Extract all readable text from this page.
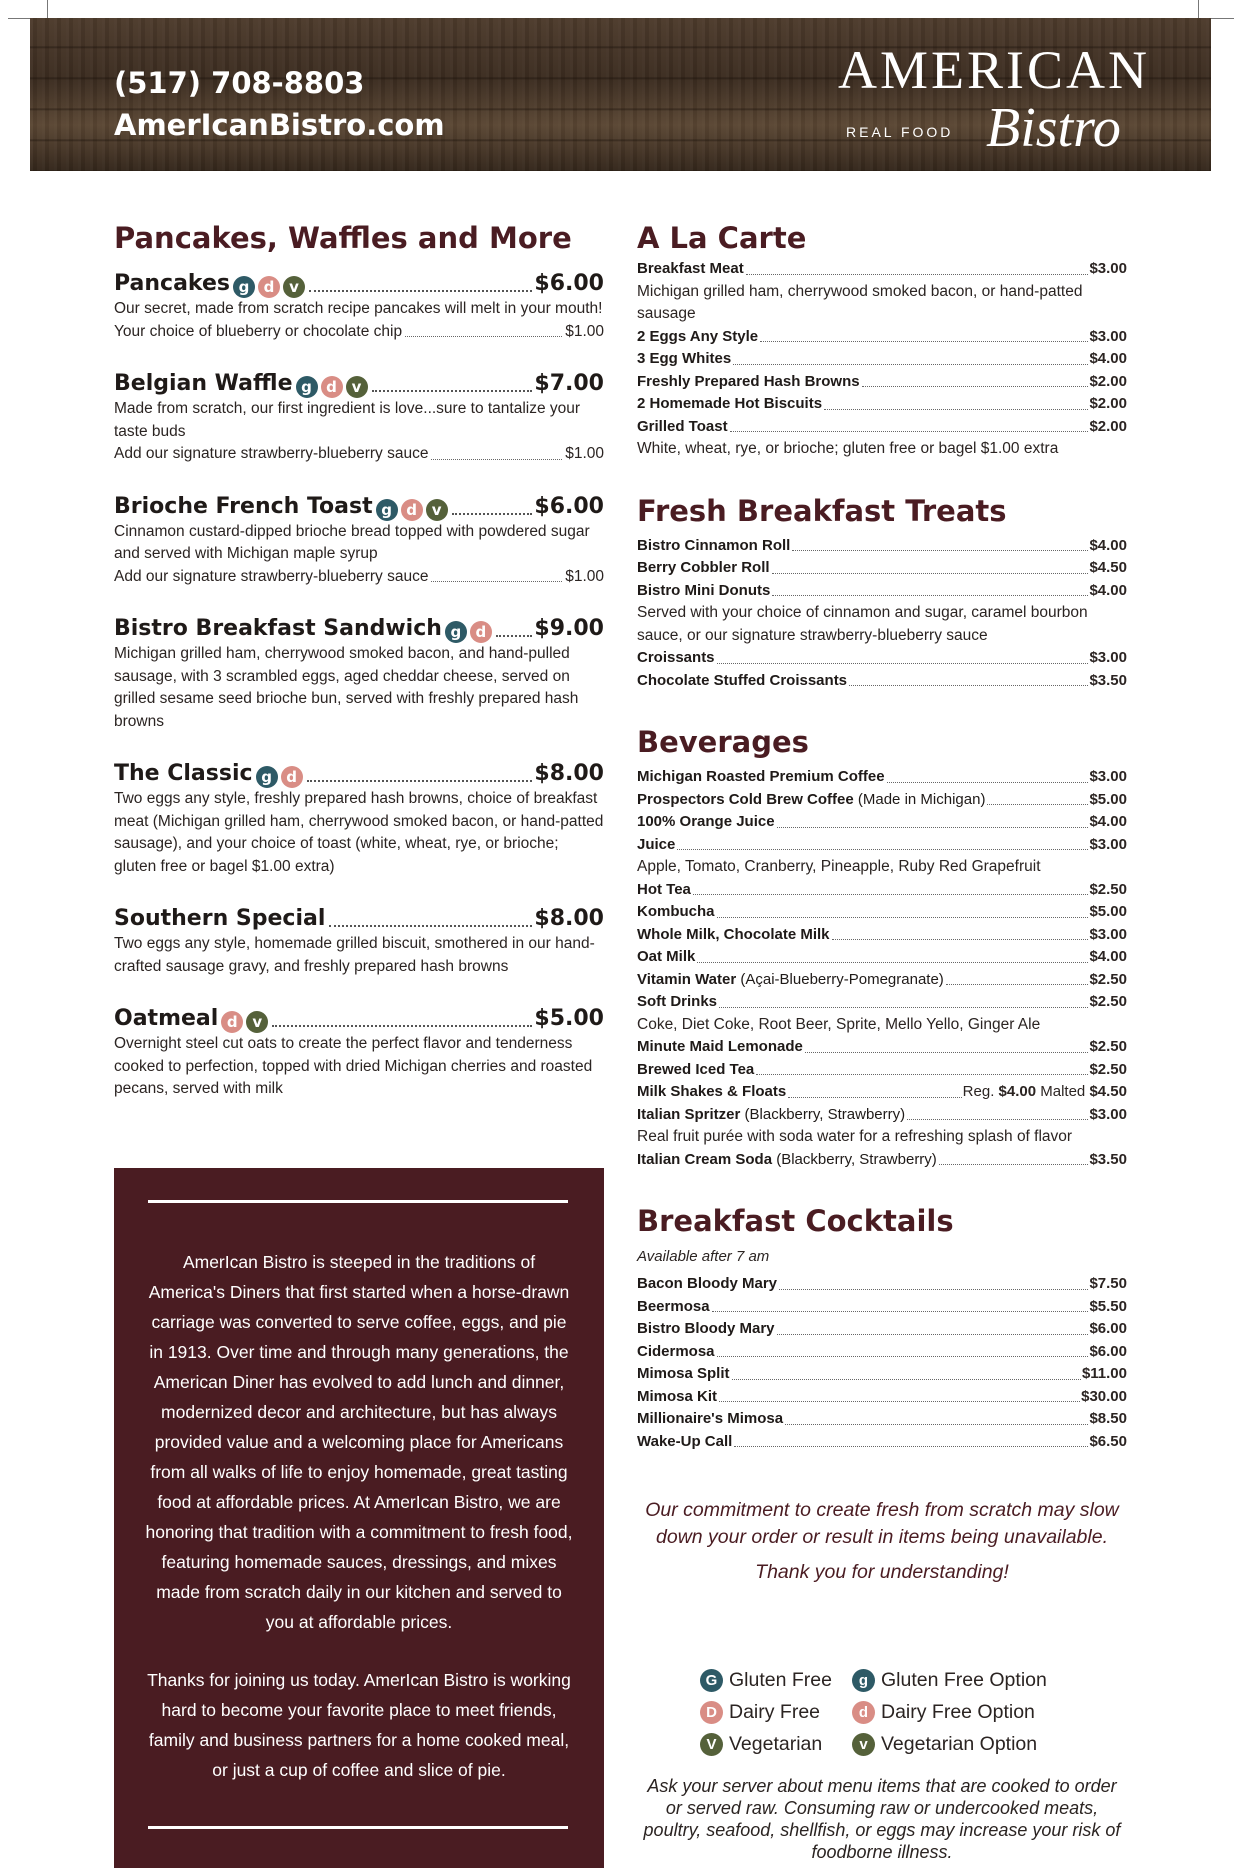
(517) 708-8803
AmerIcanBistro.com
AMERICAN
REAL FOOD Bistro
Pancakes, Waffles and More
Pancakes g d v	$6.00
Our secret, made from scratch recipe pancakes will melt in your mouth!
Your choice of blueberry or chocolate chip	$1.00
Belgian Waffle g d v	$7.00
Made from scratch, our first ingredient is love...sure to tantalize your taste buds
Add our signature strawberry-blueberry sauce	$1.00
Brioche French Toast g d v	$6.00
Cinnamon custard-dipped brioche bread topped with powdered sugar and served with Michigan maple syrup
Add our signature strawberry-blueberry sauce	$1.00
Bistro Breakfast Sandwich g d $9.00
Michigan grilled ham, cherrywood smoked bacon, and hand-pulled sausage, with 3 scrambled eggs, aged cheddar cheese, served on grilled sesame seed brioche bun, served with freshly prepared hash browns
The Classic g d	$8.00
Two eggs any style, freshly prepared hash browns, choice of breakfast meat (Michigan grilled ham, cherrywood smoked bacon, or hand-patted sausage), and your choice of toast (white, wheat, rye, or brioche; gluten free or bagel $1.00 extra)
Southern Special	$8.00
Two eggs any style, homemade grilled biscuit, smothered in our hand-crafted sausage gravy, and freshly prepared hash browns
Oatmeal d v	$5.00
Overnight steel cut oats to create the perfect flavor and tenderness cooked to perfection, topped with dried Michigan cherries and roasted pecans, served with milk

AmerIcan Bistro is steeped in the traditions of America's Diners that first started when a horse-drawn carriage was converted to serve coffee, eggs, and pie in 1913. Over time and through many generations, the American Diner has evolved to add lunch and dinner, modernized decor and architecture, but has always provided value and a welcoming place for Americans from all walks of life to enjoy homemade, great tasting food at affordable prices. At AmerIcan Bistro, we are honoring that tradition with a commitment to fresh food, featuring homemade sauces, dressings, and mixes made from scratch daily in our kitchen and served to you at affordable prices.

Thanks for joining us today. AmerIcan Bistro is working hard to become your favorite place to meet friends, family and business partners for a home cooked meal, or just a cup of coffee and slice of pie.

A La Carte
Breakfast Meat	$3.00
Michigan grilled ham, cherrywood smoked bacon, or hand-patted sausage
2 Eggs Any Style	$3.00
3 Egg Whites	$4.00
Freshly Prepared Hash Browns	$2.00
2 Homemade Hot Biscuits	$2.00
Grilled Toast	$2.00
White, wheat, rye, or brioche; gluten free or bagel $1.00 extra
Fresh Breakfast Treats
Bistro Cinnamon Roll	$4.00
Berry Cobbler Roll	$4.50
Bistro Mini Donuts	$4.00
Served with your choice of cinnamon and sugar, caramel bourbon sauce, or our signature strawberry-blueberry sauce
Croissants	$3.00
Chocolate Stuffed Croissants	$3.50
Beverages
Michigan Roasted Premium Coffee	$3.00
Prospectors Cold Brew Coffee (Made in Michigan)	$5.00
100% Orange Juice	$4.00
Juice	$3.00
Apple, Tomato, Cranberry, Pineapple, Ruby Red Grapefruit
Hot Tea	$2.50
Kombucha	$5.00
Whole Milk, Chocolate Milk	$3.00
Oat Milk	$4.00
Vitamin Water (Açai-Blueberry-Pomegranate)	$2.50
Soft Drinks	$2.50
Coke, Diet Coke, Root Beer, Sprite, Mello Yello, Ginger Ale
Minute Maid Lemonade	$2.50
Brewed Iced Tea	$2.50
Milk Shakes & Floats	Reg. $4.00 Malted $4.50
Italian Spritzer (Blackberry, Strawberry)	$3.00
Real fruit purée with soda water for a refreshing splash of flavor
Italian Cream Soda (Blackberry, Strawberry)	$3.50
Breakfast Cocktails
Available after 7 am
Bacon Bloody Mary	$7.50
Beermosa	$5.50
Bistro Bloody Mary	$6.00
Cidermosa	$6.00
Mimosa Split	$11.00
Mimosa Kit	$30.00
Millionaire's Mimosa	$8.50
Wake-Up Call	$6.50
Our commitment to create fresh from scratch may slow down your order or result in items being unavailable.
Thank you for understanding!
G Gluten Free	g Gluten Free Option
D Dairy Free	d Dairy Free Option
V Vegetarian	v Vegetarian Option
Ask your server about menu items that are cooked to order or served raw. Consuming raw or undercooked meats, poultry, seafood, shellfish, or eggs may increase your risk of foodborne illness.
